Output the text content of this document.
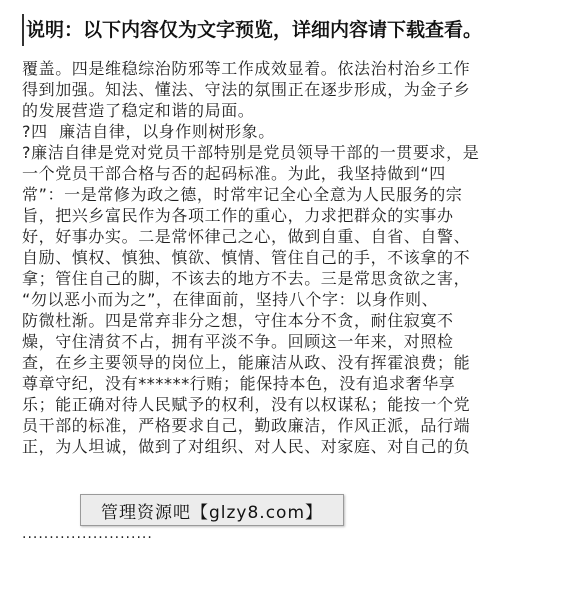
说明：以下内容仅为文字预览，详细内容请下载查看。

覆盖。四是维稳综治防邪等工作成效显着。依法治村治乡工作

得到加强。知法、懂法、守法的氛围正在逐步形成，为金子乡

的发展营造了稳定和谐的局面。

?四  廉洁自律，以身作则树形象。

?廉洁自律是党对党员干部特别是党员领导干部的一贯要求，是

一个党员干部合格与否的起码标准。为此，我坚持做到“四

常”：一是常修为政之德，时常牢记全心全意为人民服务的宗

旨，把兴乡富民作为各项工作的重心，力求把群众的实事办

好，好事办实。二是常怀律己之心，做到自重、自省、自警、

自励、慎权、慎独、慎欲、慎情、管住自己的手，不该拿的不

拿；管住自己的脚，不该去的地方不去。三是常思贪欲之害，

“勿以恶小而为之”，在律面前，坚持八个字：以身作则、

防微杜渐。四是常弃非分之想，守住本分不贪，耐住寂寞不

燥，守住清贫不占，拥有平淡不争。回顾这一年来，对照检

查，在乡主要领导的岗位上，能廉洁从政、没有挥霍浪费；能

尊章守纪，没有******行贿；能保持本色，没有追求奢华享

乐；能正确对待人民赋予的权利，没有以权谋私；能按一个党

员干部的标准，严格要求自己，勤政廉洁，作风正派，品行端

正，为人坦诚，做到了对组织、对人民、对家庭、对自己的负

························
管理资源吧【glzy8.com】
